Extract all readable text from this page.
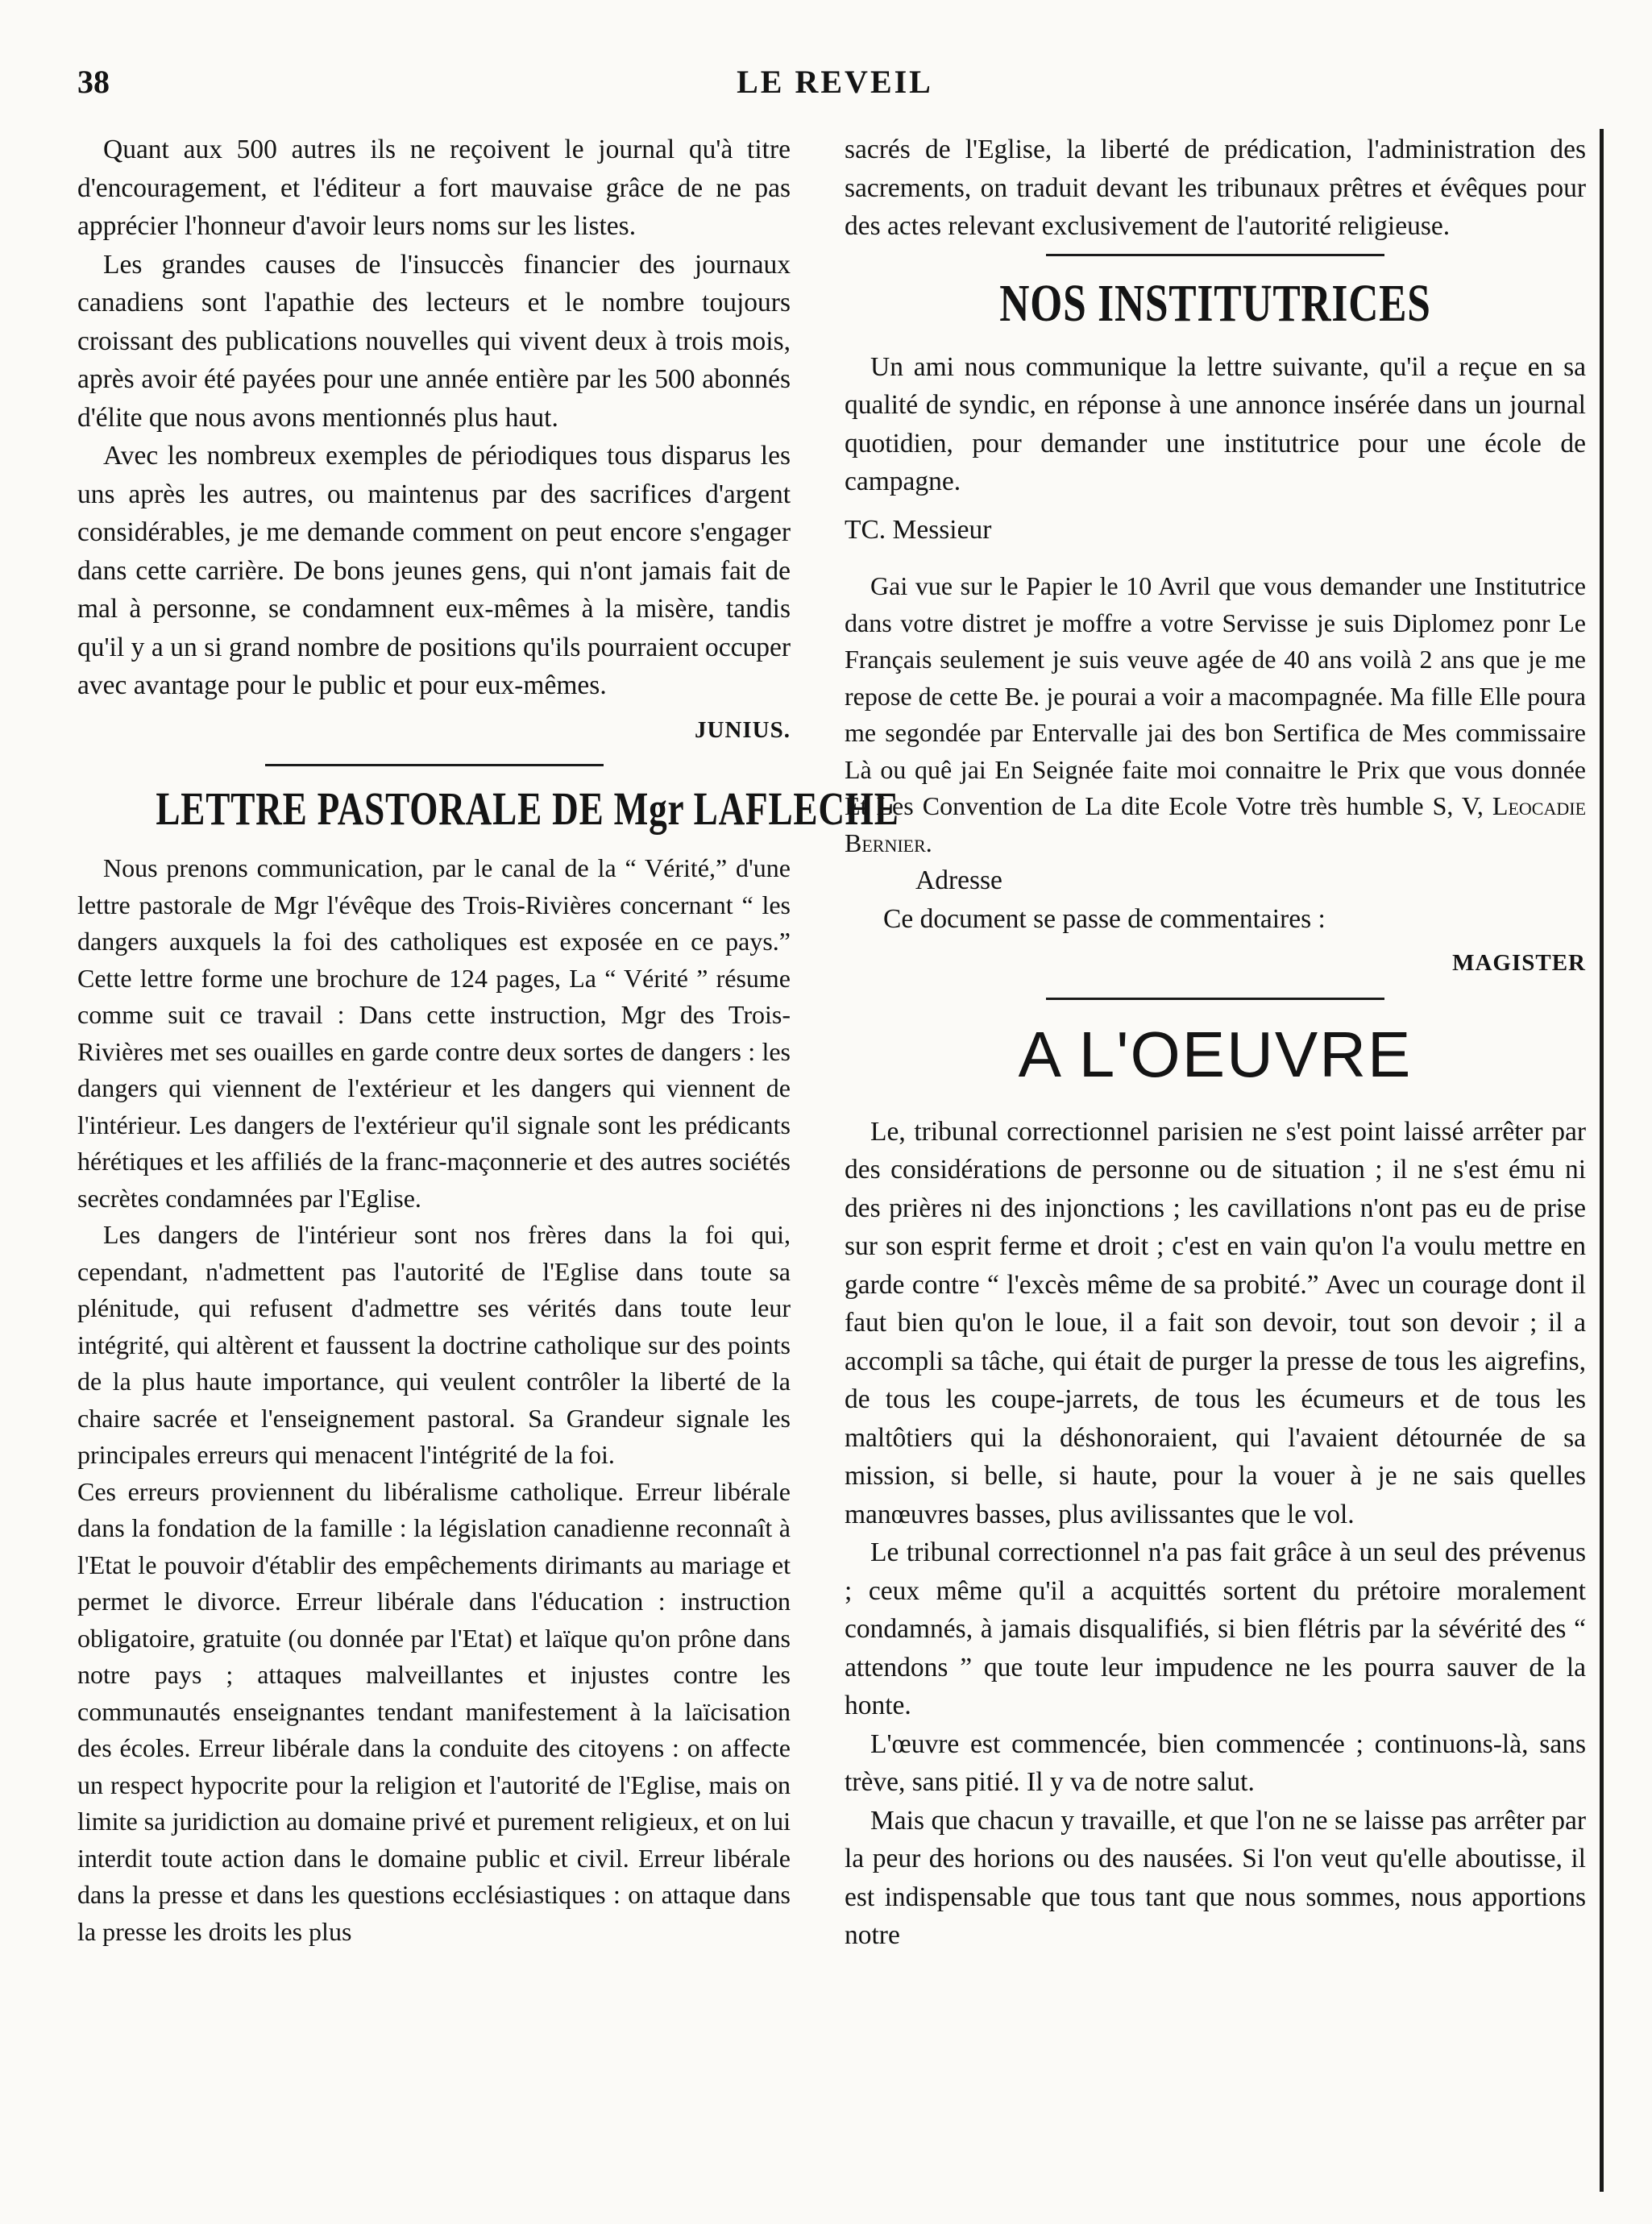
38	LE REVEIL

Quant aux 500 autres ils ne reçoivent le journal qu'à titre d'encouragement, et l'éditeur a fort mauvaise grâce de ne pas apprécier l'honneur d'avoir leurs noms sur les listes.

Les grandes causes de l'insuccès financier des journaux canadiens sont l'apathie des lecteurs et le nombre toujours croissant des publications nouvelles qui vivent deux à trois mois, après avoir été payées pour une année entière par les 500 abonnés d'élite que nous avons mentionnés plus haut.

Avec les nombreux exemples de périodiques tous disparus les uns après les autres, ou maintenus par des sacrifices d'argent considérables, je me demande comment on peut encore s'engager dans cette carrière. De bons jeunes gens, qui n'ont jamais fait de mal à personne, se condamnent eux-mêmes à la misère, tandis qu'il y a un si grand nombre de positions qu'ils pourraient occuper avec avantage pour le public et pour eux-mêmes.

JUNIUS.
LETTRE PASTORALE DE Mgr LAFLECHE

Nous prenons communication, par le canal de la “ Vérité,” d'une lettre pastorale de Mgr l'évêque des Trois-Rivières concernant “ les dangers auxquels la foi des catholiques est exposée en ce pays.” Cette lettre forme une brochure de 124 pages, La “ Vérité ” résume comme suit ce travail : Dans cette instruction, Mgr des Trois-Rivières met ses ouailles en garde contre deux sortes de dangers : les dangers qui viennent de l'extérieur et les dangers qui viennent de l'intérieur. Les dangers de l'extérieur qu'il signale sont les prédicants hérétiques et les affiliés de la franc-maçonnerie et des autres sociétés secrètes condamnées par l'Eglise.

Les dangers de l'intérieur sont nos frères dans la foi qui, cependant, n'admettent pas l'autorité de l'Eglise dans toute sa plénitude, qui refusent d'admettre ses vérités dans toute leur intégrité, qui altèrent et faussent la doctrine catholique sur des points de la plus haute importance, qui veulent contrôler la liberté de la chaire sacrée et l'enseignement pastoral. Sa Grandeur signale les principales erreurs qui menacent l'intégrité de la foi.

Ces erreurs proviennent du libéralisme catholique. Erreur libérale dans la fondation de la famille : la législation canadienne reconnaît à l'Etat le pouvoir d'établir des empêchements dirimants au mariage et permet le divorce. Erreur libérale dans l'éducation : instruction obligatoire, gratuite (ou donnée par l'Etat) et laïque qu'on prône dans notre pays ; attaques malveillantes et injustes contre les communautés enseignantes tendant manifestement à la laïcisation des écoles. Erreur libérale dans la conduite des citoyens : on affecte un respect hypocrite pour la religion et l'autorité de l'Eglise, mais on limite sa juridiction au domaine privé et purement religieux, et on lui interdit toute action dans le domaine public et civil. Erreur libérale dans la presse et dans les questions ecclésiastiques : on attaque dans la presse les droits les plus

sacrés de l'Eglise, la liberté de prédication, l'administration des sacrements, on traduit devant les tribunaux prêtres et évêques pour des actes relevant exclusivement de l'autorité religieuse.

NOS INSTITUTRICES

Un ami nous communique la lettre suivante, qu'il a reçue en sa qualité de syndic, en réponse à une annonce insérée dans un journal quotidien, pour demander une institutrice pour une école de campagne.

TC. Messieur

Gai vue sur le Papier le 10 Avril que vous demander une Institutrice dans votre distret je moffre a votre Servisse je suis Diplomez ponr Le Français seulement je suis veuve agée de 40 ans voilà 2 ans que je me repose de cette Be. je pourai a voir a macompagnée. Ma fille Elle poura me segondée par Entervalle jai des bon Sertifica de Mes commissaire Là ou quê jai En Seignée faite moi connaitre le Prix que vous donnée Et Les Convention de La dite Ecole Votre très humble S, V, Leocadie Bernier.

Adresse

Ce document se passe de commentaires :

MAGISTER
A L'OEUVRE

Le, tribunal correctionnel parisien ne s'est point laissé arrêter par des considérations de personne ou de situation ; il ne s'est ému ni des prières ni des injonctions ; les cavillations n'ont pas eu de prise sur son esprit ferme et droit ; c'est en vain qu'on l'a voulu mettre en garde contre “ l'excès même de sa probité.” Avec un courage dont il faut bien qu'on le loue, il a fait son devoir, tout son devoir ; il a accompli sa tâche, qui était de purger la presse de tous les aigrefins, de tous les coupe-jarrets, de tous les écumeurs et de tous les maltôtiers qui la déshonoraient, qui l'avaient détournée de sa mission, si belle, si haute, pour la vouer à je ne sais quelles manœuvres basses, plus avilissantes que le vol.

Le tribunal correctionnel n'a pas fait grâce à un seul des prévenus ; ceux même qu'il a acquittés sortent du prétoire moralement condamnés, à jamais disqualifiés, si bien flétris par la sévérité des “ attendons ” que toute leur impudence ne les pourra sauver de la honte.

L'œuvre est commencée, bien commencée ; continuons-là, sans trève, sans pitié. Il y va de notre salut.

Mais que chacun y travaille, et que l'on ne se laisse pas arrêter par la peur des horions ou des nausées. Si l'on veut qu'elle aboutisse, il est indispensable que tous tant que nous sommes, nous apportions notre
